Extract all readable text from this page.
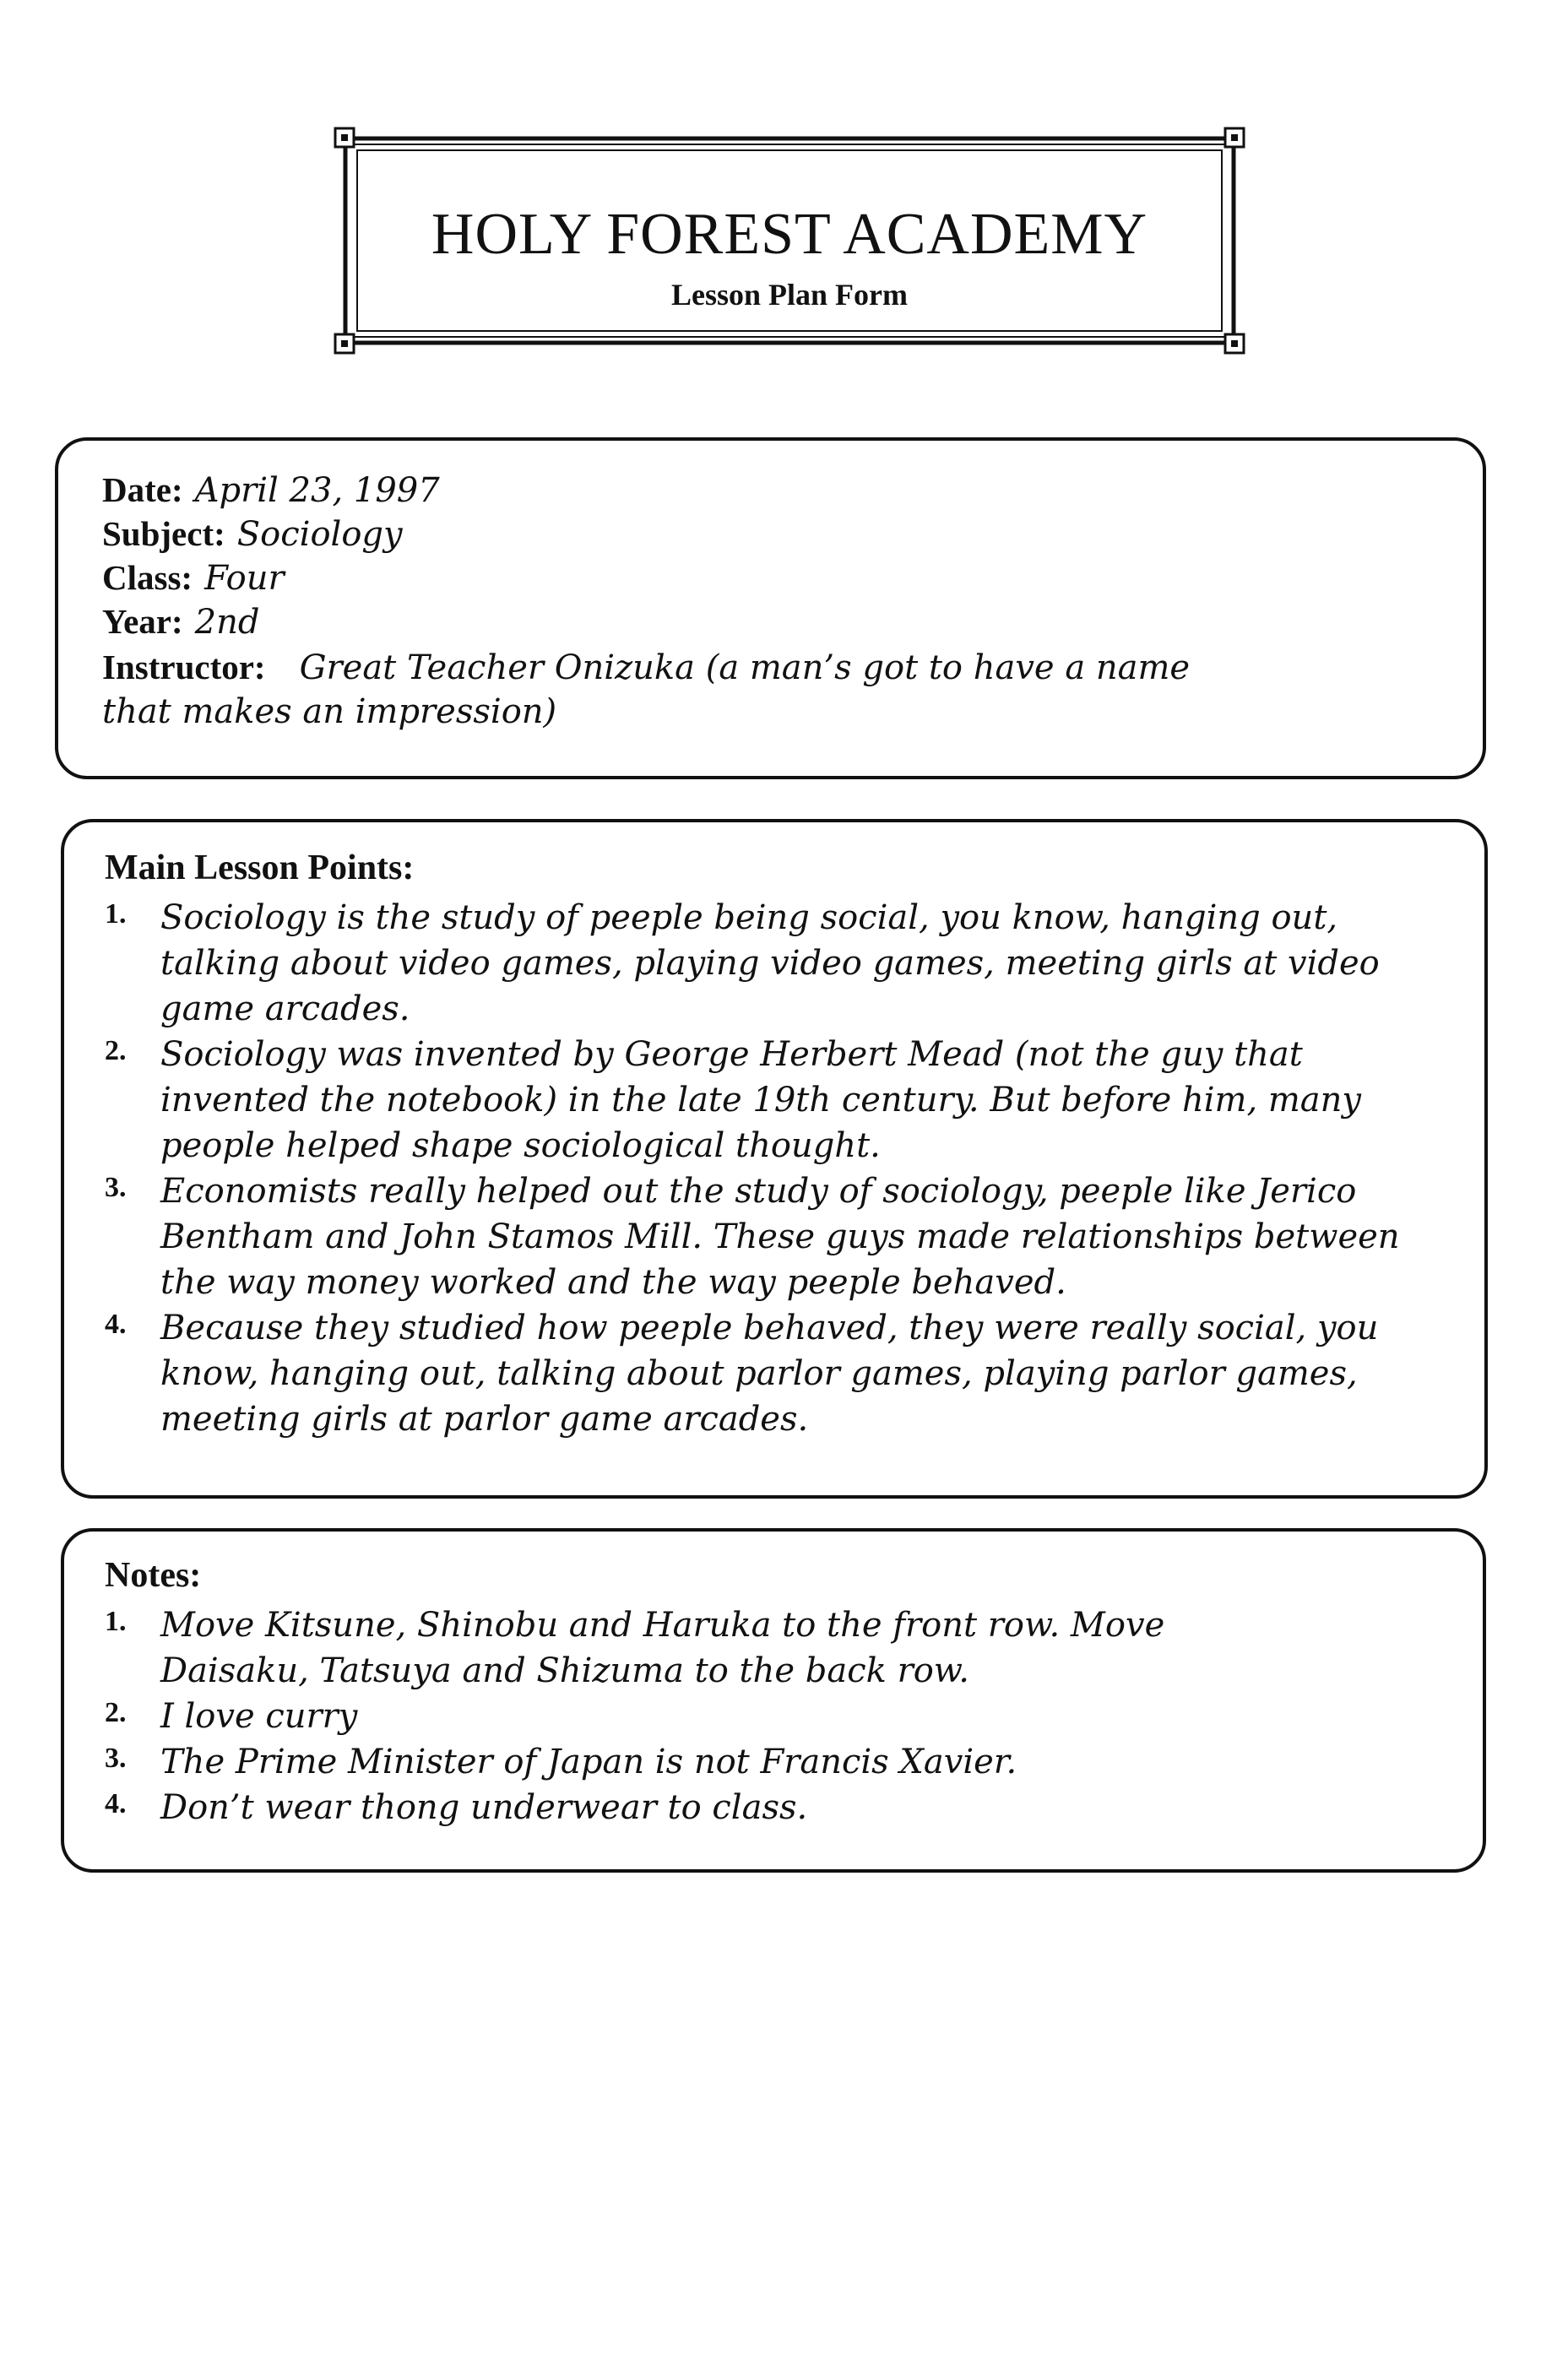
HOLY FOREST ACADEMY
Lesson Plan Form
Date: April 23, 1997
Subject: Sociology
Class: Four
Year: 2nd
Instructor: Great Teacher Onizuka (a man’s got to have a name
that makes an impression)
Main Lesson Points:
1. Sociology is the study of peeple being social, you know, hanging out, talking about video games, playing video games, meeting girls at video game arcades.
2. Sociology was invented by George Herbert Mead (not the guy that invented the notebook) in the late 19th century. But before him, many people helped shape sociological thought.
3. Economists really helped out the study of sociology, peeple like Jerico Bentham and John Stamos Mill. These guys made relationships between the way money worked and the way peeple behaved.
4. Because they studied how peeple behaved, they were really social, you know, hanging out, talking about parlor games, playing parlor games, meeting girls at parlor game arcades.
Notes:
1. Move Kitsune, Shinobu and Haruka to the front row. Move Daisaku, Tatsuya and Shizuma to the back row.
2. I love curry
3. The Prime Minister of Japan is not Francis Xavier.
4. Don’t wear thong underwear to class.
